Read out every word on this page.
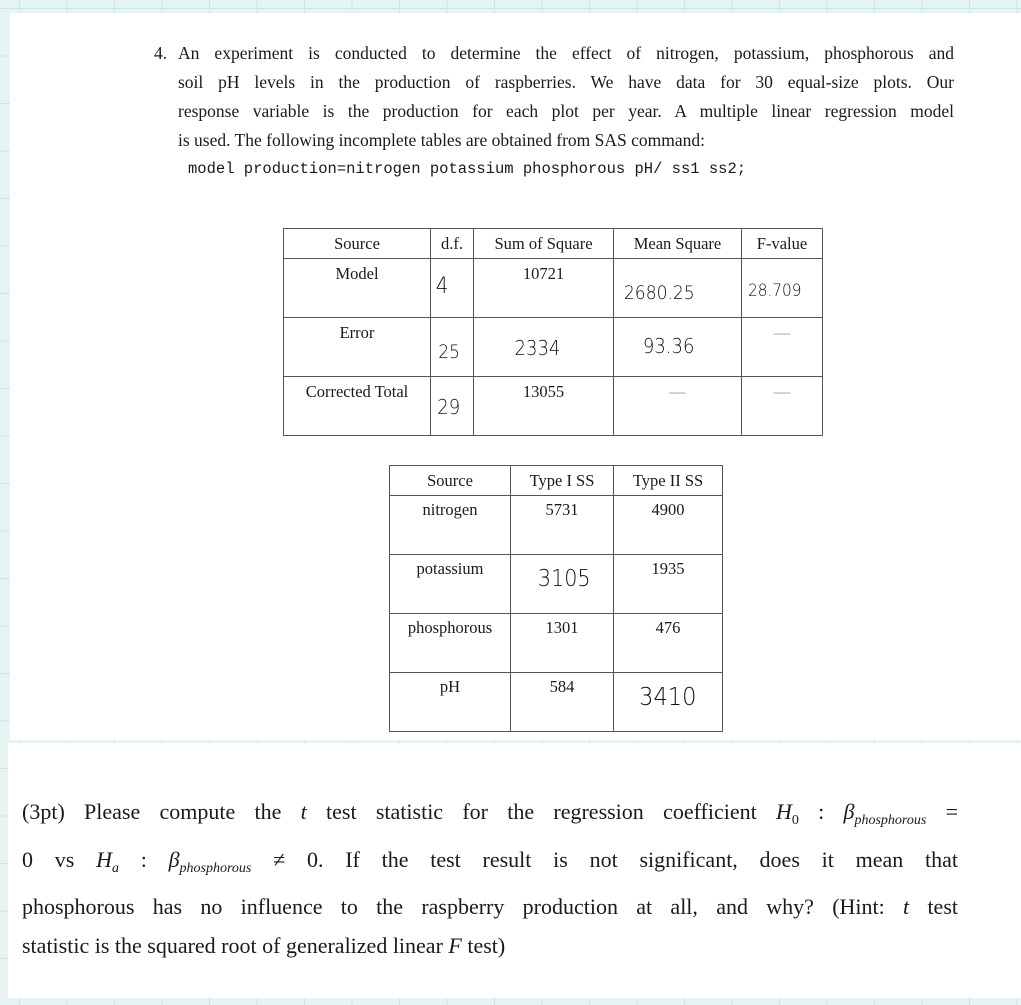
4. An experiment is conducted to determine the effect of nitrogen, potassium, phosphorous and
soil pH levels in the production of raspberries. We have data for 30 equal-size plots. Our
response variable is the production for each plot per year. A multiple linear regression model
is used. The following incomplete tables are obtained from SAS command:
model production=nitrogen potassium phosphorous pH/ ss1 ss2;
Source	d.f.	Sum of Square	Mean Square	F-value
Model	4	10721	2680.25	28.709

Error	25	2334	93.36	—
Corrected Total	29	13055	—	—
Source	Type I SS	Type II SS
nitrogen	5731	4900
potassium	3105	1935
phosphorous	1301	476
pH	584	3410
(3pt) Please compute the t test statistic for the regression coefficient $H_0$ : $\beta_{phosphorous}$ =
0 vs $H_a$ : $\beta_{phosphorous} \ne 0$. If the test result is not significant, does it mean that
phosphorous has no influence to the raspberry production at all, and why? (Hint: t test
statistic is the squared root of generalized linear F test)
